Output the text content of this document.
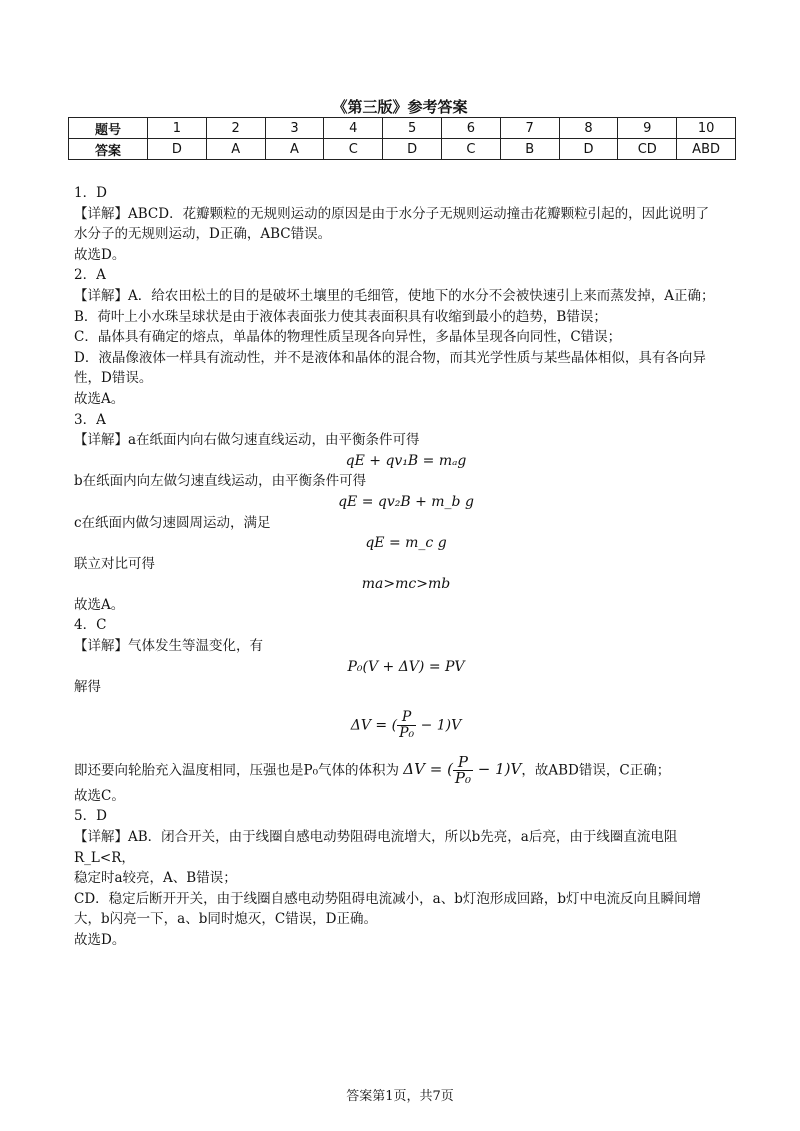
《第三版》参考答案
题号	1	2	3	4	5	6	7	8	9	10
答案	D	A	A	C	D	C	B	D	CD	ABD

1．D

【详解】ABCD．花瓣颗粒的无规则运动的原因是由于水分子无规则运动撞击花瓣颗粒引起的，因此说明了

水分子的无规则运动，D正确，ABC错误。

故选D。

2．A

【详解】A．给农田松土的目的是破坏土壤里的毛细管，使地下的水分不会被快速引上来而蒸发掉，A正确；

B．荷叶上小水珠呈球状是由于液体表面张力使其表面积具有收缩到最小的趋势，B错误；

C．晶体具有确定的熔点，单晶体的物理性质呈现各向异性，多晶体呈现各向同性，C错误；

D．液晶像液体一样具有流动性，并不是液体和晶体的混合物，而其光学性质与某些晶体相似，具有各向异

性，D错误。

故选A。

3．A

【详解】a在纸面内向右做匀速直线运动，由平衡条件可得

qE + qv₁B = mₐg

b在纸面内向左做匀速直线运动，由平衡条件可得

qE = qv₂B + m_b g

c在纸面内做匀速圆周运动，满足

qE = m_c g

联立对比可得

ma>mc>mb

故选A。

4．C

【详解】气体发生等温变化，有

P₀(V + ΔV) = PV

解得

ΔV = ( $\frac{P}{\text{P₀}} - 1)V$

即还要向轮胎充入温度相同，压强也是P₀气体的体积为 ΔV = ( $\frac{P}{\text{P₀}} - 1)V$，故ABD错误，C正确；

故选C。

5．D

【详解】AB．闭合开关，由于线圈自感电动势阻碍电流增大，所以b先亮，a后亮，由于线圈直流电阻R_L<R，

稳定时a较亮，A、B错误；

CD．稳定后断开开关，由于线圈自感电动势阻碍电流减小，a、b灯泡形成回路，b灯中电流反向且瞬间增

大，b闪亮一下，a、b同时熄灭，C错误，D正确。

故选D。

答案第1页，共7页
